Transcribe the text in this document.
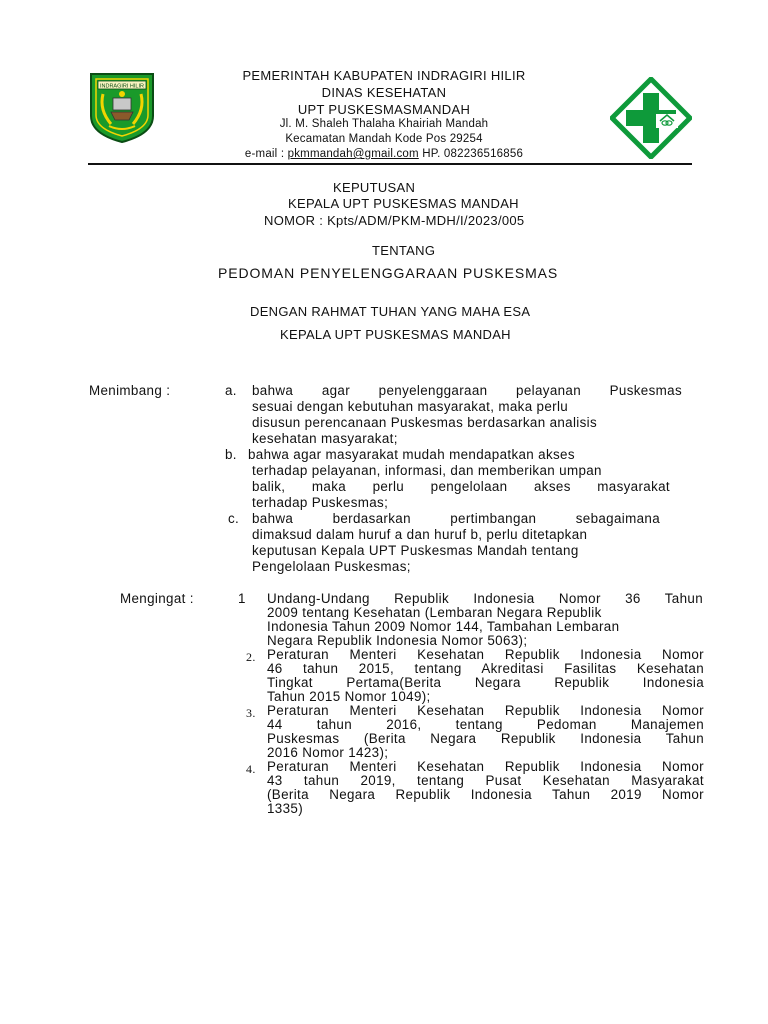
INDRAGIRI HILIR
PEMERINTAH KABUPATEN INDRAGIRI HILIR
DINAS KESEHATAN
UPT PUSKESMASMANDAH
Jl. M. Shaleh Thalaha Khairiah Mandah
Kecamatan Mandah Kode Pos 29254
e-mail : pkmmandah@gmail.com HP. 082236516856
KEPUTUSAN
KEPALA UPT PUSKESMAS MANDAH
NOMOR : Kpts/ADM/PKM-MDH/I/2023/005
TENTANG
PEDOMAN PENYELENGGARAAN PUSKESMAS
DENGAN RAHMAT TUHAN YANG MAHA ESA
KEPALA UPT PUSKESMAS MANDAH
Menimbang :	a. bahwa agar penyelenggaraan pelayanan Puskesmas
sesuai dengan kebutuhan masyarakat, maka perlu
disusun perencanaan Puskesmas berdasarkan analisis
kesehatan masyarakat;
b. bahwa agar masyarakat mudah mendapatkan akses
terhadap pelayanan, informasi, dan memberikan umpan
balik, maka perlu pengelolaan akses masyarakat
terhadap Puskesmas;
c. bahwa berdasarkan pertimbangan sebagaimana
dimaksud dalam huruf a dan huruf b, perlu ditetapkan
keputusan Kepala UPT Puskesmas Mandah tentang
Pengelolaan Puskesmas;
Mengingat :	1 Undang-Undang Republik Indonesia Nomor 36 Tahun
2009 tentang Kesehatan (Lembaran Negara Republik
Indonesia Tahun 2009 Nomor 144, Tambahan Lembaran
Negara Republik Indonesia Nomor 5063);
2. Peraturan Menteri Kesehatan Republik Indonesia Nomor
46 tahun 2015, tentang Akreditasi Fasilitas Kesehatan
Tingkat Pertama(Berita Negara Republik Indonesia
Tahun 2015 Nomor 1049);
3. Peraturan Menteri Kesehatan Republik Indonesia Nomor
44 tahun 2016, tentang Pedoman Manajemen
Puskesmas (Berita Negara Republik Indonesia Tahun
2016 Nomor 1423);
4. Peraturan Menteri Kesehatan Republik Indonesia Nomor
43 tahun 2019, tentang Pusat Kesehatan Masyarakat
(Berita Negara Republik Indonesia Tahun 2019 Nomor
1335)
